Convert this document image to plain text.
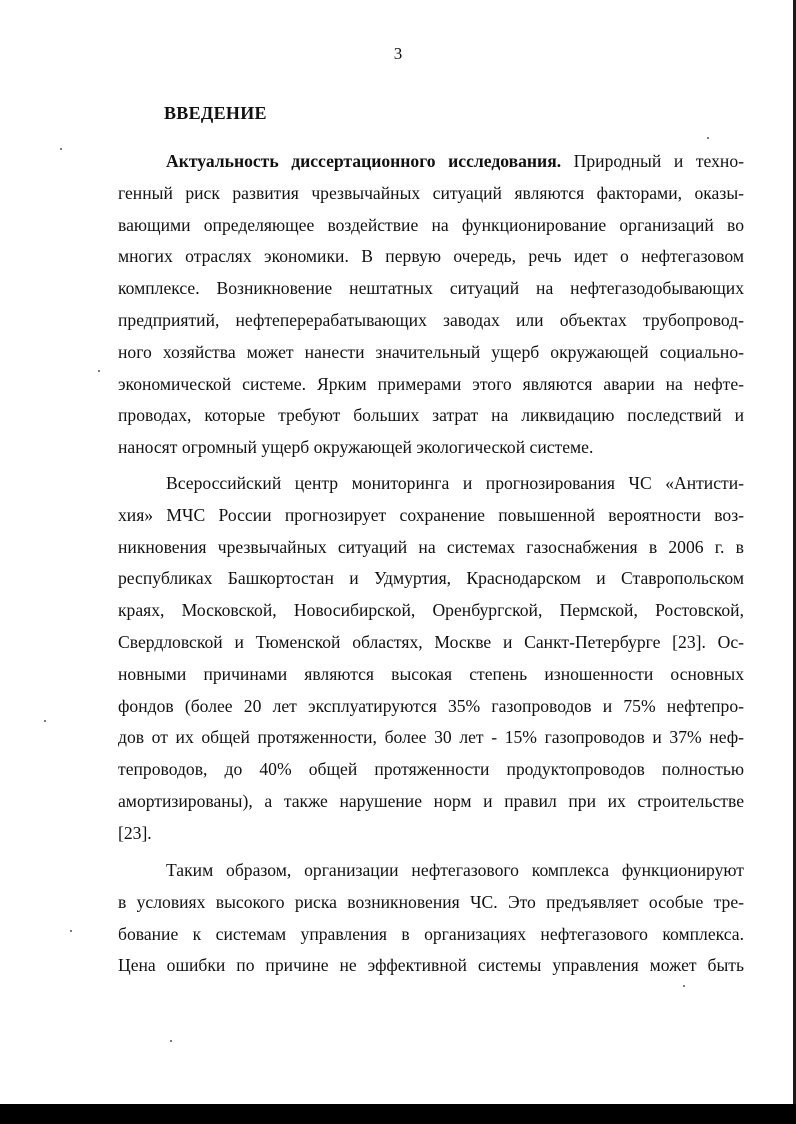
3
ВВЕДЕНИЕ
Актуальность диссертационного исследования. Природный и техно-
генный риск развития чрезвычайных ситуаций являются факторами, оказы-
вающими определяющее воздействие на функционирование организаций во
многих отраслях экономики. В первую очередь, речь идет о нефтегазовом
комплексе. Возникновение нештатных ситуаций на нефтегазодобывающих
предприятий, нефтеперерабатывающих заводах или объектах трубопровод-
ного хозяйства может нанести значительный ущерб окружающей социально-
экономической системе. Ярким примерами этого являются аварии на нефте-
проводах, которые требуют больших затрат на ликвидацию последствий и
наносят огромный ущерб окружающей экологической системе.
Всероссийский центр мониторинга и прогнозирования ЧС «Антисти-
хия» МЧС России прогнозирует сохранение повышенной вероятности воз-
никновения чрезвычайных ситуаций на системах газоснабжения в 2006 г. в
республиках Башкортостан и Удмуртия, Краснодарском и Ставропольском
краях, Московской, Новосибирской, Оренбургской, Пермской, Ростовской,
Свердловской и Тюменской областях, Москве и Санкт-Петербурге [23]. Ос-
новными причинами являются высокая степень изношенности основных
фондов (более 20 лет эксплуатируются 35% газопроводов и 75% нефтепро-
дов от их общей протяженности, более 30 лет - 15% газопроводов и 37% неф-
тепроводов, до 40% общей протяженности продуктопроводов полностью
амортизированы), а также нарушение норм и правил при их строительстве
[23].
Таким образом, организации нефтегазового комплекса функционируют
в условиях высокого риска возникновения ЧС. Это предъявляет особые тре-
бование к системам управления в организациях нефтегазового комплекса.
Цена ошибки по причине не эффективной системы управления может быть
